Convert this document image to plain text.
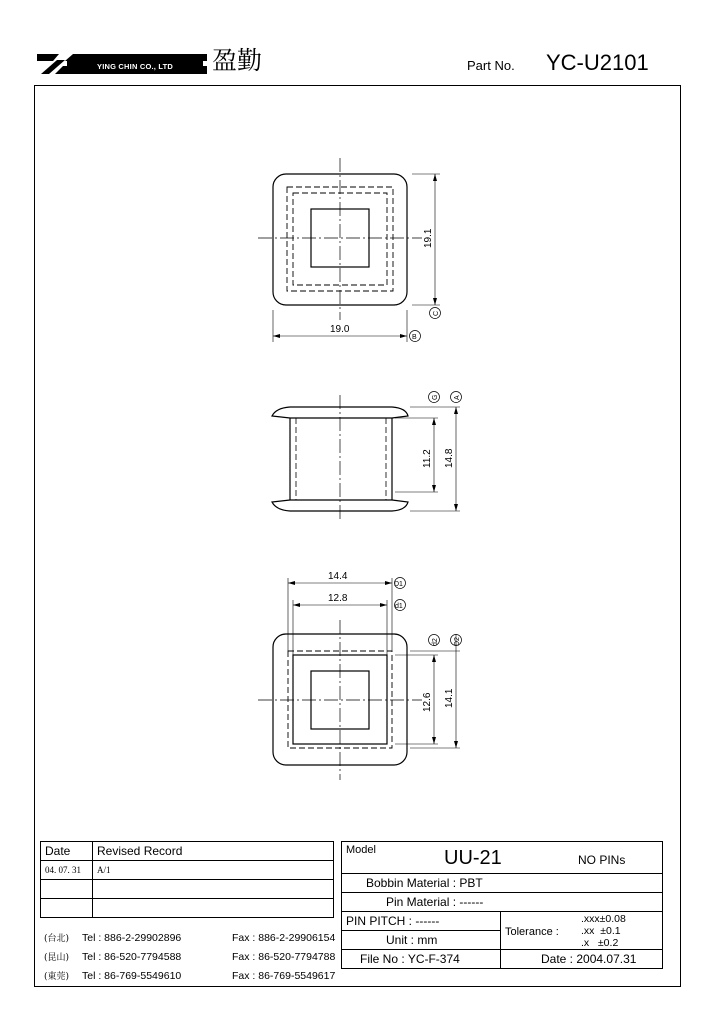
YING CHIN CO., LTD	盈勤	Part No. YC-U2101
19.0
19.1
B
C
11.2 14.8
G A
14.4
12.8
12.6 14.1
D1
d1
d2 D2
Date	Revised Record
04. 07. 31	A/1

(台北) Tel : 886-2-29902896	Fax : 886-2-29906154
(昆山) Tel : 86-520-7794588	Fax : 86-520-7794788
(東莞) Tel : 86-769-5549610	Fax : 86-769-5549617
Model UU-21 NO PINs	

Bobbin Material : PBT	
Pin Material : ------	
PIN PITCH : ------	Tolerance :
.xxx±0.08
.xx  ±0.1
.x   ±0.2

Unit : mm	
File No : YC-F-374	Date : 2004.07.31
